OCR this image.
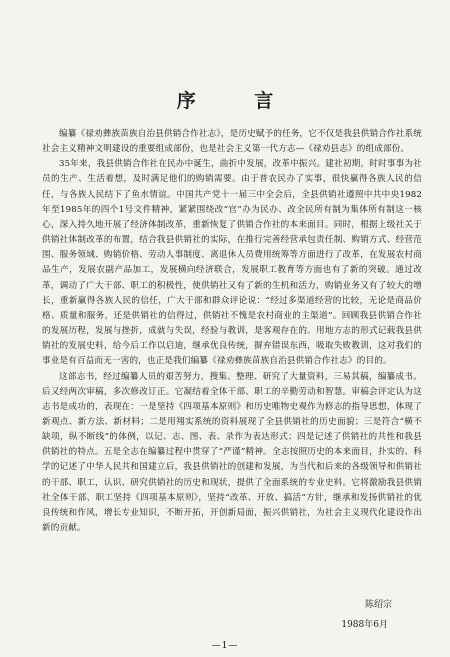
序 言

编纂《禄劝彝族苗族自治县供销合作社志》，是历史赋予的任务，它不仅是我县供销合作社系统社会主义精神文明建设的重要组成部份，也是社会主义第一代方志—《禄劝县志》的组成部份。

35年来，我县供销合作社在民办中诞生，曲折中发展，改革中振兴。建社初期，时时事事为社员的生产、生活着想，及时满足他们的购销需要。由于普农民办了实事，很快赢得各族人民的信任，与各族人民结下了鱼水情谊。中国共产党十一届三中全会后，全县供销社遵照中共中央1982年至1985年的四个1号文件精神，紧紧围绕改“官”办为民办、改全民所有制为集体所有制这一核心，深入持久地开展了经济体制改革，重新恢复了供销合作社的本来面目。同时，根据上级社关于供销社体制改革的布置，结合我县供销社的实际，在推行完善经营承包责任制、购销方式、经营范围、服务领域、购销价格、劳动人事制度、离退休人员费用统筹等方面进行了改革，在发展农村商品生产，发展农副产品加工，发展横向经济联合，发展职工教育等方面也有了新的突破。通过改革，调动了广大干部、职工的积极性，使供销社又有了新的生机和活力，购销业务又有了较大的增长，重新赢得各族人民的信任，广大干部和群众评论说：“经过多渠道经营的比较，无论是商品价格、质量和服务，还是供销社的信得过，供销社不愧是农村商业的主渠道”。回顾我县供销合作社的发展历程，发展与挫折，成就与失误，经验与教训，是客观存在的。用地方志的形式记载我县供销社的发展史料，给今后工作以启迪，继承优良传统，摒弃错误东西，吸取失败教训，这对我们的事业是有百益而无一害的，也正是我们编纂《禄劝彝族苗族自治县供销合作社志》的目的。

这部志书，经过编纂人员的艰苦努力，搜集、整理、研究了大量资料，三易其稿，编纂成书。后又经两次审稿，多次修改订正。它凝结着全体干部、职工的辛勤劳动和智慧。审稿会评定认为这志书是成功的，表现在：一是坚持《四项基本原则》和历史唯物史观作为修志的指导思想，体现了新观点、新方法、新材料；二是用翔实系统的资料展现了全县供销社的历史面貌；三是符合“横不缺项，纵不断线”的体例，以记、志、图、表、录作为表达形式；四是记述了供销社的共性和我县供销社的特点。五是全志在编纂过程中贯穿了“严谨”精神。全志按照历史的本来面目，扑实的、科学的记述了中华人民共和国建立后，我县供销社的创建和发展，为当代和后来的各级领导和供销社的干部、职工，认识、研究供销社的历史和现状，提供了全面系统的专业史料。它将激励我县供销社全体干部、职工坚持《四项基本原则》，坚持“改革、开放、搞活”方针，继承和发扬供销社的优良传统和作风，增长专业知识，不断开拓，开创新局面，振兴供销社，为社会主义现代化建设作出新的贡献。

陈绍宗
1988年6月
—1—
